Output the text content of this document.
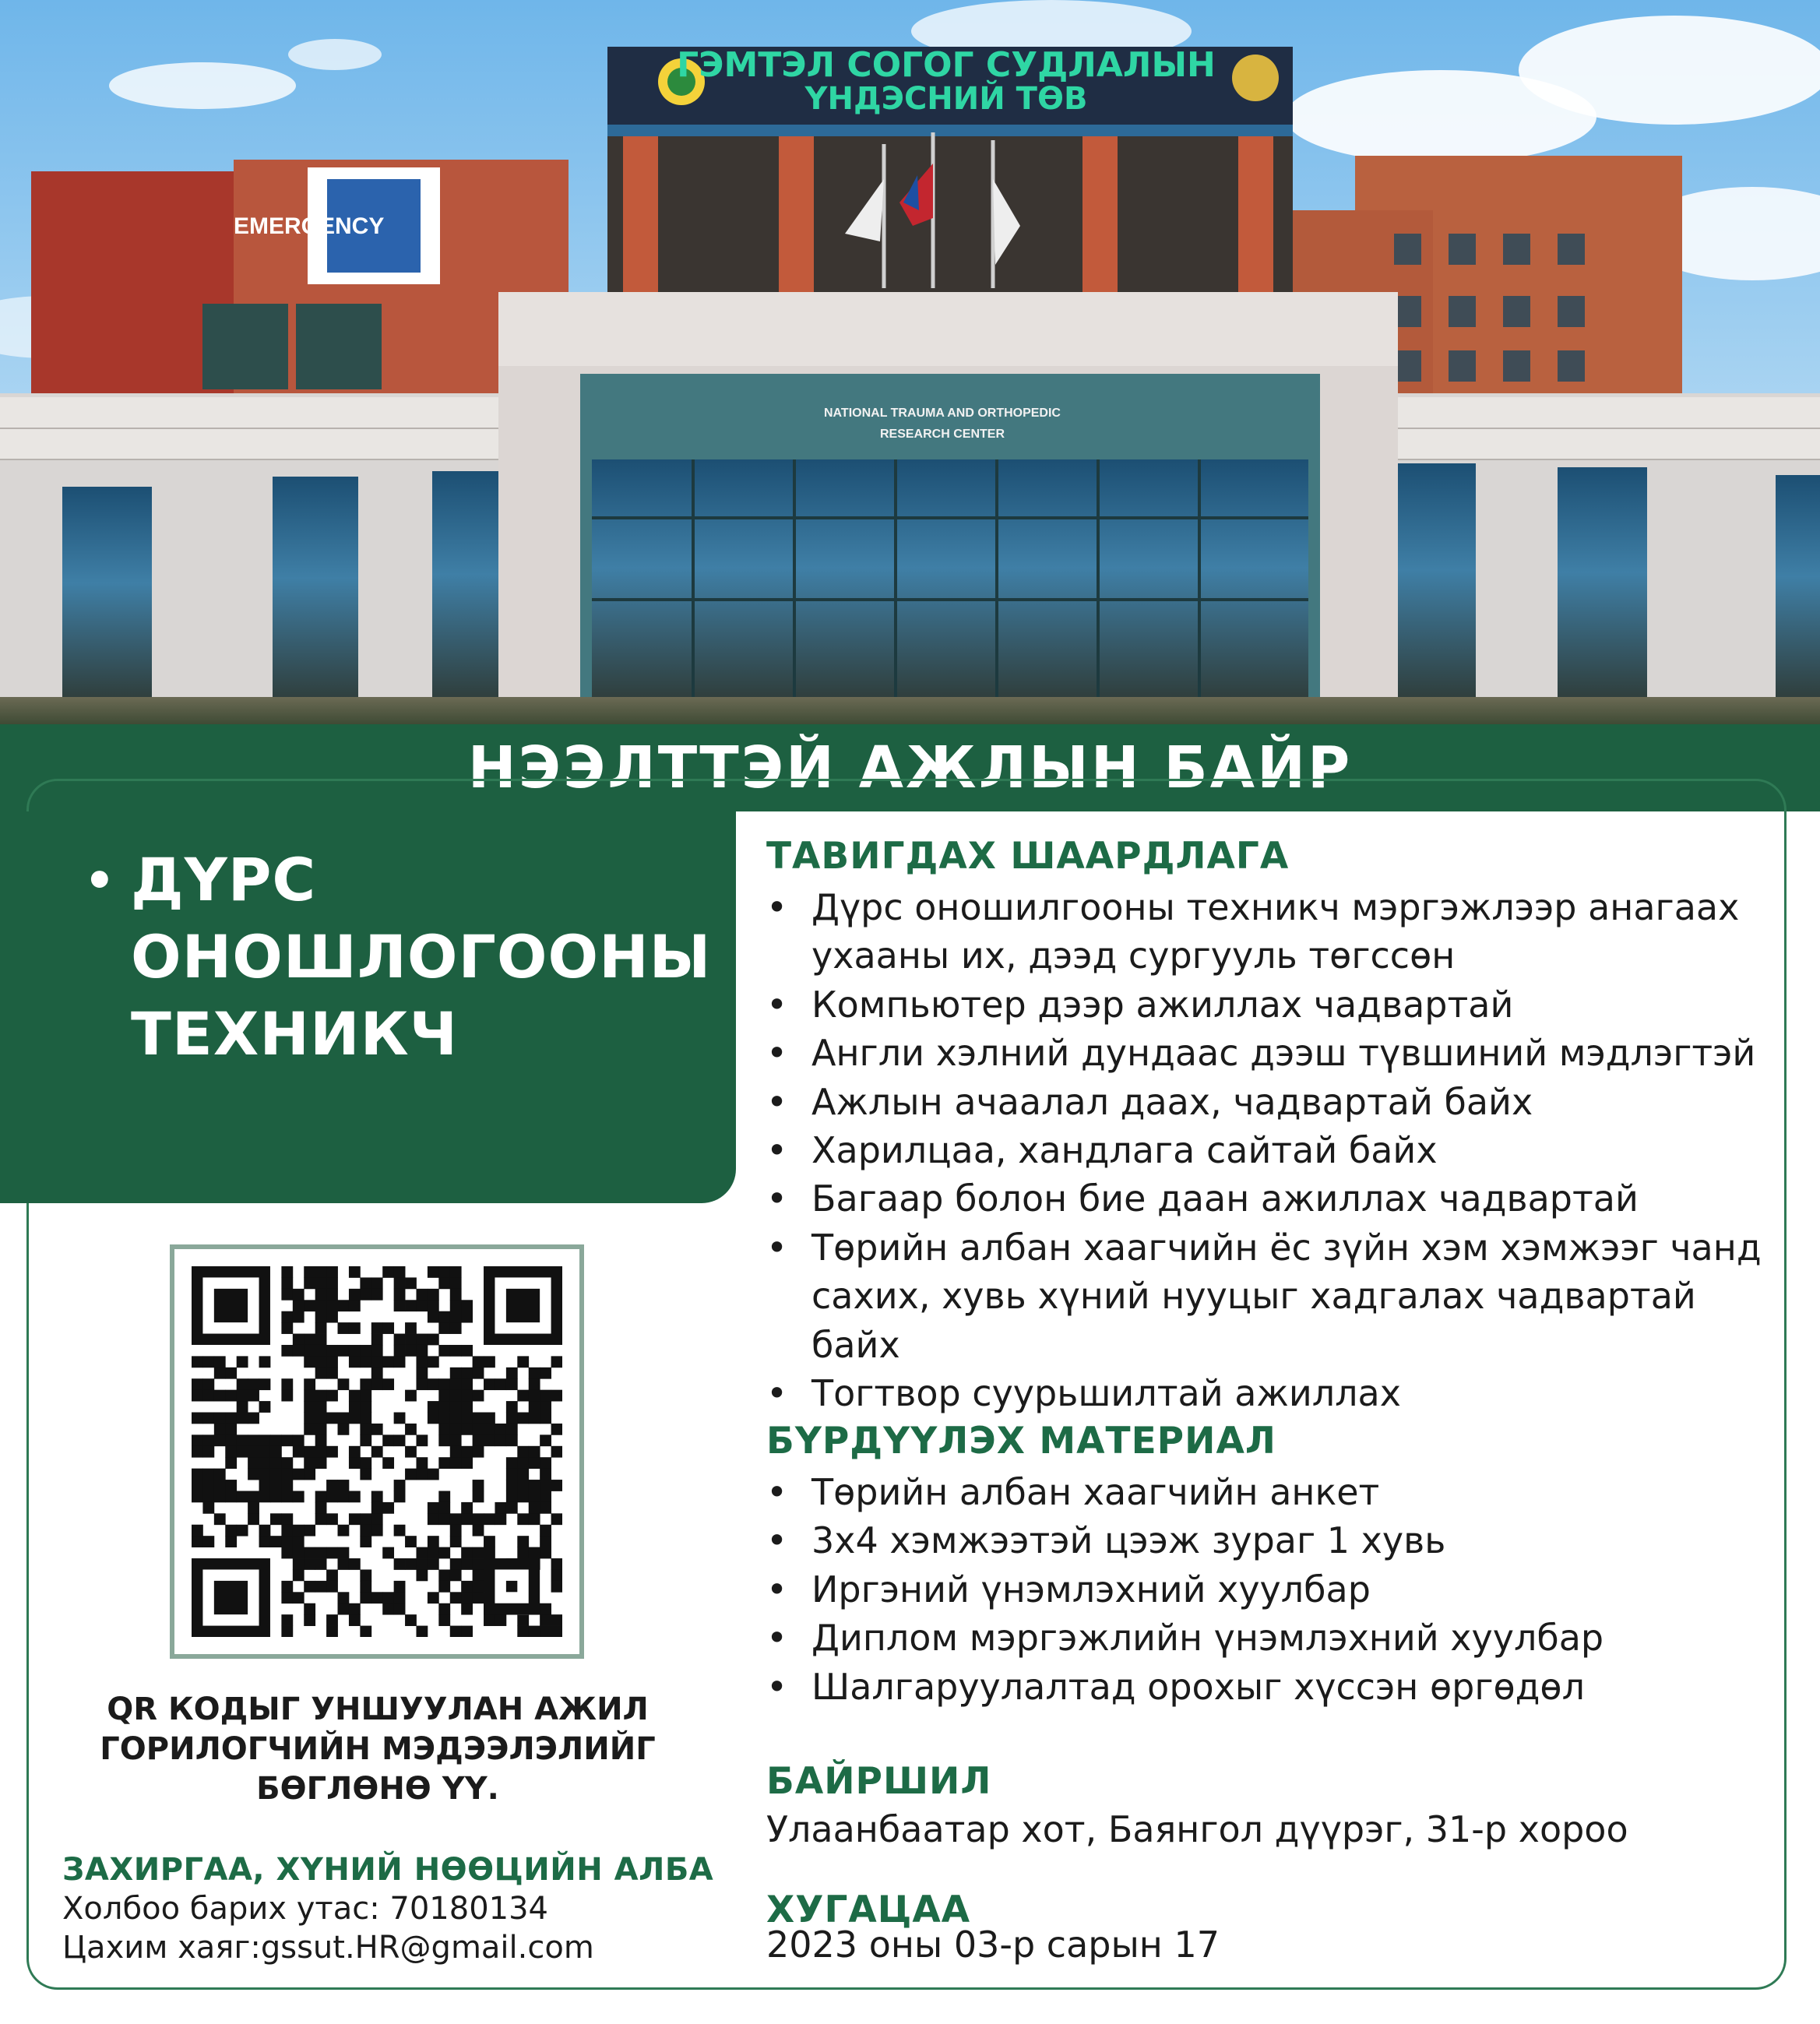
EMERGENCY
ГЭМТЭЛ СОГОГ СУДЛАЛЫН
ҮНДЭСНИЙ ТӨВ
NATIONAL TRAUMA AND ORTHOPEDIC
RESEARCH CENTER
НЭЭЛТТЭЙ АЖЛЫН БАЙР
• ДҮРС
ОНОШЛОГООНЫ
ТЕХНИКЧ
QR КОДЫГ УНШУУЛАН АЖИЛ
ГОРИЛОГЧИЙН МЭДЭЭЛЭЛИЙГ
БӨГЛӨНӨ ҮҮ.
ЗАХИРГАА, ХҮНИЙ НӨӨЦИЙН АЛБА
Холбоо барих утас: 70180134
Цахим хаяг:gssut.HR@gmail.com
ТАВИГДАХ ШААРДЛАГА
• Дүрс оношилгооны техникч мэргэжлээр анагаах ухааны их, дээд сургууль төгссөн
• Компьютер дээр ажиллах чадвартай
• Англи хэлний дундаас дээш түвшиний мэдлэгтэй
• Ажлын ачаалал даах, чадвартай байх
• Харилцаа, хандлага сайтай байх
• Багаар болон бие даан ажиллах чадвартай
• Төрийн албан хаагчийн ёс зүйн хэм хэмжээг чанд сахих, хувь хүний нууцыг хадгалах чадвартай байх
• Тогтвор суурьшилтай ажиллах
БҮРДҮҮЛЭХ МАТЕРИАЛ
• Төрийн албан хаагчийн анкет
• 3х4 хэмжээтэй цээж зураг 1 хувь
• Иргэний үнэмлэхний хуулбар
• Диплом мэргэжлийн үнэмлэхний хуулбар
• Шалгаруулалтад орохыг хүссэн өргөдөл
БАЙРШИЛ
Улаанбаатар хот, Баянгол дүүрэг, 31-р хороо
ХУГАЦАА
2023 оны 03-р сарын 17
